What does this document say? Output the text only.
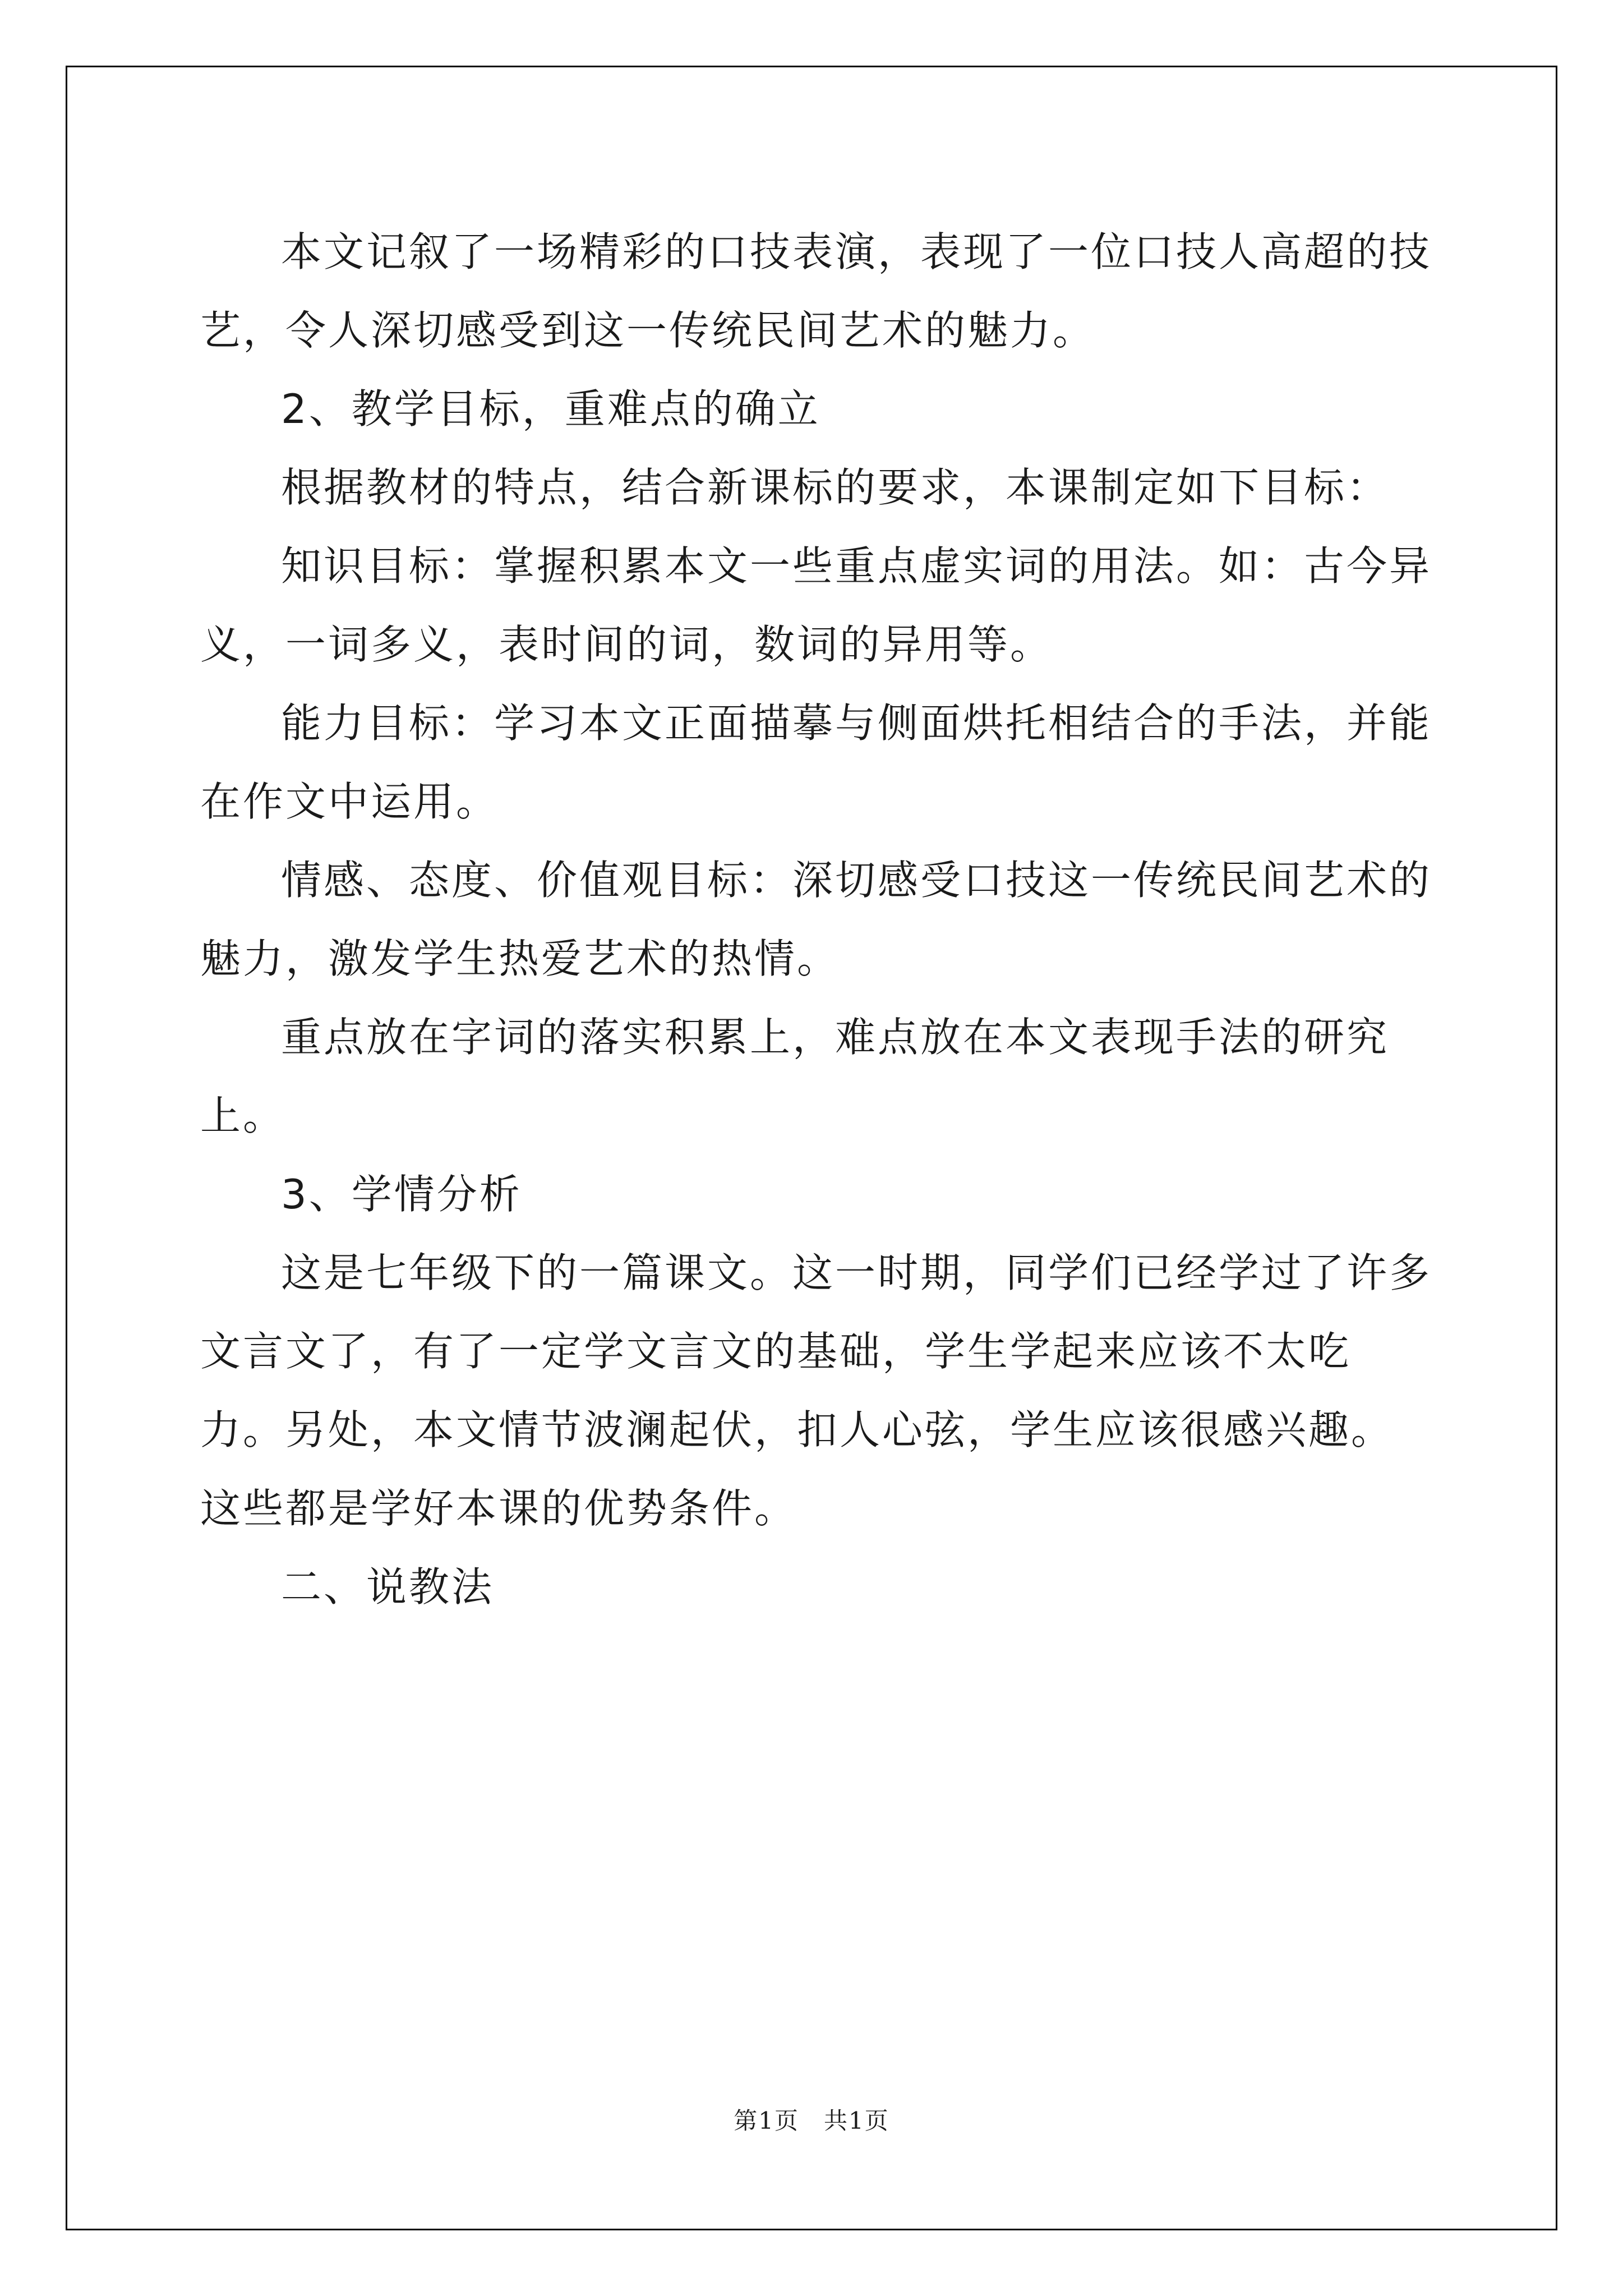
本文记叙了一场精彩的口技表演，表现了一位口技人高超的技艺，令人深切感受到这一传统民间艺术的魅力。

2、教学目标，重难点的确立

根据教材的特点，结合新课标的要求，本课制定如下目标：

知识目标：掌握积累本文一些重点虚实词的用法。如：古今异义，一词多义，表时间的词，数词的异用等。

能力目标：学习本文正面描摹与侧面烘托相结合的手法，并能在作文中运用。

情感、态度、价值观目标：深切感受口技这一传统民间艺术的魅力，激发学生热爱艺术的热情。

重点放在字词的落实积累上，难点放在本文表现手法的研究上。

3、学情分析

这是七年级下的一篇课文。这一时期，同学们已经学过了许多文言文了，有了一定学文言文的基础，学生学起来应该不太吃力。另处，本文情节波澜起伏，扣人心弦，学生应该很感兴趣。这些都是学好本课的优势条件。

二、说教法

第1页　共1页
